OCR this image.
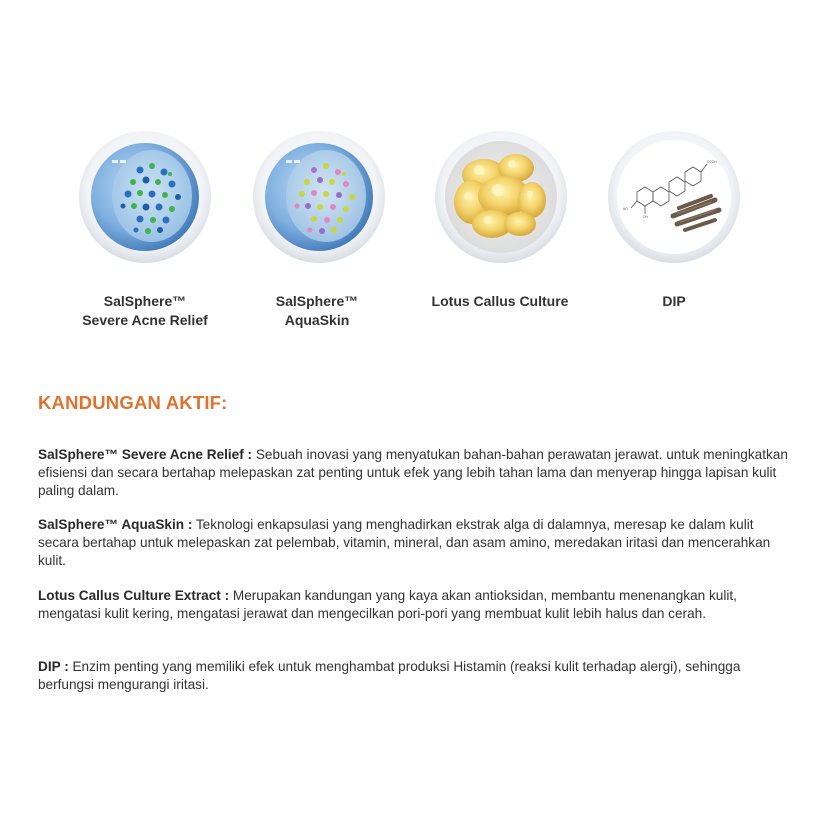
COOH
HO
OH
SalSphere™
Severe Acne Relief
SalSphere™
AquaSkin
Lotus Callus Culture	DIP
KANDUNGAN AKTIF:

SalSphere™ Severe Acne Relief : Sebuah inovasi yang menyatukan bahan-bahan perawatan jerawat. untuk meningkatkan efisiensi dan secara bertahap melepaskan zat penting untuk efek yang lebih tahan lama dan menyerap hingga lapisan kulit paling dalam.

SalSphere™ AquaSkin : Teknologi enkapsulasi yang menghadirkan ekstrak alga di dalamnya, meresap ke dalam kulit secara bertahap untuk melepaskan zat pelembab, vitamin, mineral, dan asam amino, meredakan iritasi dan mencerahkan kulit.

Lotus Callus Culture Extract : Merupakan kandungan yang kaya akan antioksidan, membantu menenangkan kulit, mengatasi kulit kering, mengatasi jerawat dan mengecilkan pori-pori yang membuat kulit lebih halus dan cerah.

DIP : Enzim penting yang memiliki efek untuk menghambat produksi Histamin (reaksi kulit terhadap alergi), sehingga berfungsi mengurangi iritasi.
